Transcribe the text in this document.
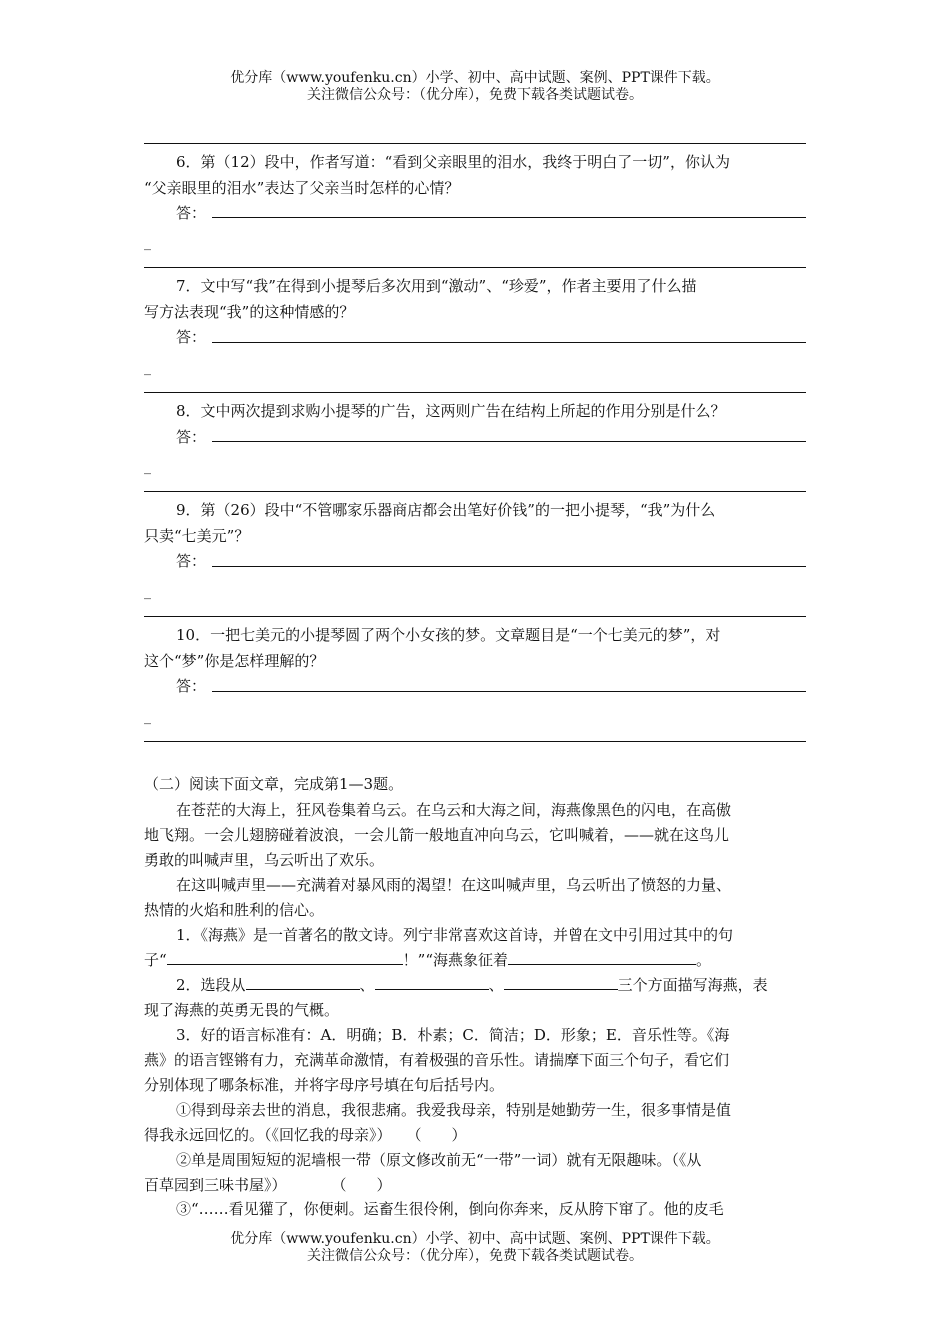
优分库（www.youfenku.cn）小学、初中、高中试题、案例、PPT课件下载。
关注微信公众号：（优分库），免费下载各类试题试卷。
6．第（12）段中，作者写道：“看到父亲眼里的泪水，我终于明白了一切”，你认为
“父亲眼里的泪水”表达了父亲当时怎样的心情？
答：
_
7．文中写“我”在得到小提琴后多次用到“激动”、“珍爱”，作者主要用了什么描
写方法表现“我”的这种情感的？
答：
_
8．文中两次提到求购小提琴的广告，这两则广告在结构上所起的作用分别是什么？
答：
_
9．第（26）段中“不管哪家乐器商店都会出笔好价钱”的一把小提琴，“我”为什么
只卖“七美元”？
答：
_
10．一把七美元的小提琴圆了两个小女孩的梦。文章题目是“一个七美元的梦”，对
这个“梦”你是怎样理解的？
答：
_
（二）阅读下面文章，完成第1—3题。
在苍茫的大海上，狂风卷集着乌云。在乌云和大海之间，海燕像黑色的闪电，在高傲
地飞翔。一会儿翅膀碰着波浪，一会儿箭一般地直冲向乌云，它叫喊着，——就在这鸟儿
勇敢的叫喊声里，乌云听出了欢乐。
在这叫喊声里——充满着对暴风雨的渴望！在这叫喊声里，乌云听出了愤怒的力量、
热情的火焰和胜利的信心。
1．《海燕》是一首著名的散文诗。列宁非常喜欢这首诗，并曾在文中引用过其中的句
子“	！”“海燕象征着	。
2．选段从	、	、	三个方面描写海燕，表
现了海燕的英勇无畏的气概。
3．好的语言标准有：A．明确；B．朴素；C．简洁；D．形象；E．音乐性等。《海
燕》的语言铿锵有力，充满革命激情，有着极强的音乐性。请揣摩下面三个句子，看它们
分别体现了哪条标准，并将字母序号填在句后括号内。
①得到母亲去世的消息，我很悲痛。我爱我母亲，特别是她勤劳一生，很多事情是值
得我永远回忆的。（《回忆我的母亲》）　　（　　）
②单是周围短短的泥墙根一带（原文修改前无“一带”一词）就有无限趣味。（《从
百草园到三味书屋》）　　　　（　　）
③“……看见獾了，你便刺。运畜生很伶俐，倒向你奔来，反从胯下窜了。他的皮毛
优分库（www.youfenku.cn）小学、初中、高中试题、案例、PPT课件下载。
关注微信公众号：（优分库），免费下载各类试题试卷。
